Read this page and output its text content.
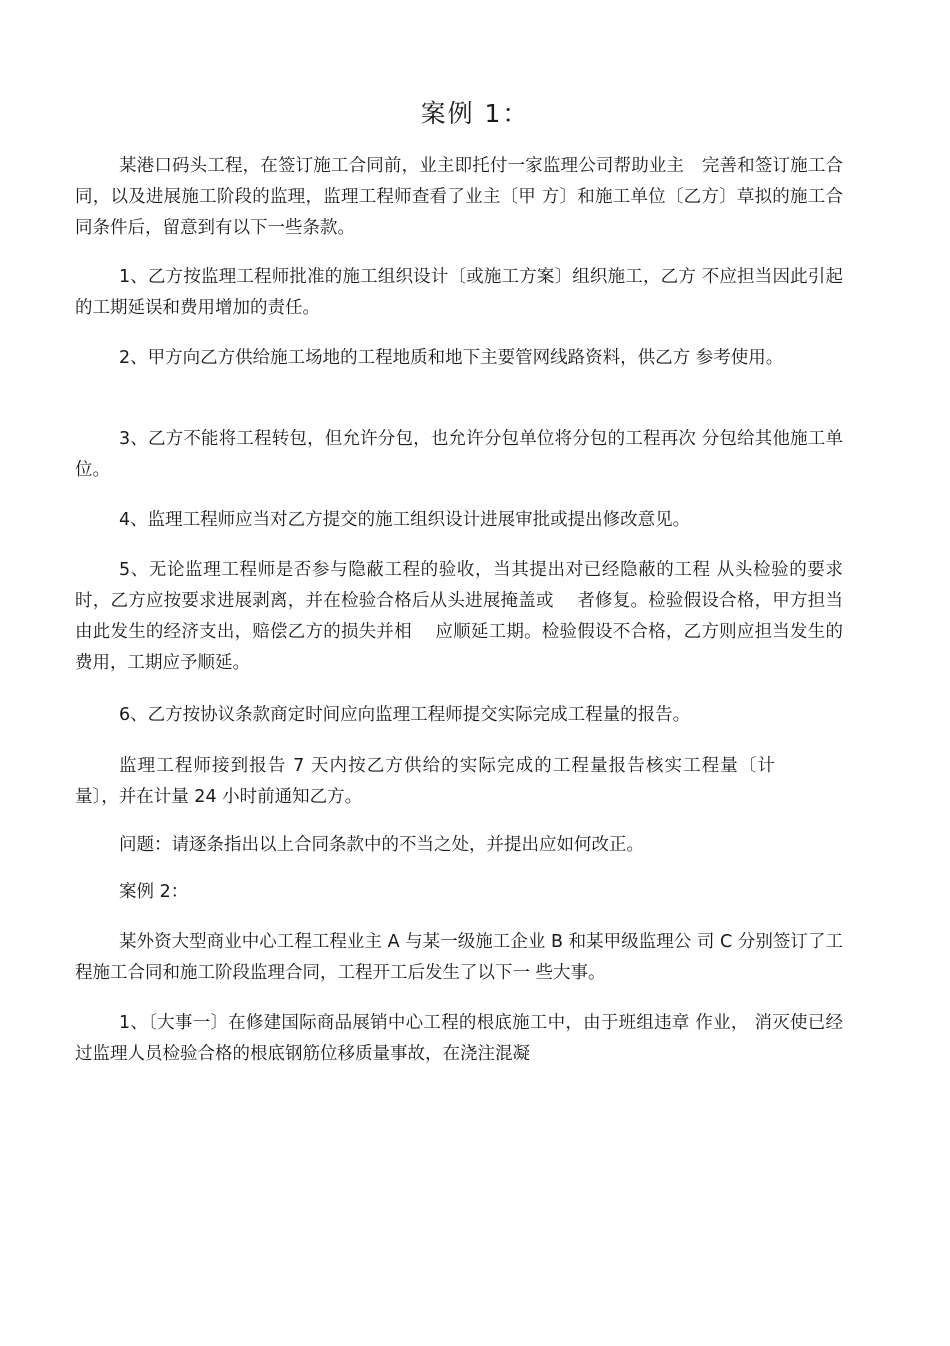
案例 1：

某港口码头工程，在签订施工合同前，业主即托付一家监理公司帮助业主　完善和签订施工合同，以及进展施工阶段的监理，监理工程师查看了业主〔甲 方〕和施工单位〔乙方〕草拟的施工合同条件后，留意到有以下一些条款。

1、乙方按监理工程师批准的施工组织设计〔或施工方案〕组织施工，乙方 不应担当因此引起的工期延误和费用增加的责任。

2、甲方向乙方供给施工场地的工程地质和地下主要管网线路资料，供乙方 参考使用。

3、乙方不能将工程转包，但允许分包，也允许分包单位将分包的工程再次 分包给其他施工单位。

4、监理工程师应当对乙方提交的施工组织设计进展审批或提出修改意见。

5、无论监理工程师是否参与隐蔽工程的验收，当其提出对已经隐蔽的工程 从头检验的要求时，乙方应按要求进展剥离，并在检验合格后从头进展掩盖或　 者修复。检验假设合格，甲方担当由此发生的经济支出，赔偿乙方的损失并相　 应顺延工期。检验假设不合格，乙方则应担当发生的费用，工期应予顺延。

6、乙方按协议条款商定时间应向监理工程师提交实际完成工程量的报告。

监理工程师接到报告 7 天内按乙方供给的实际完成的工程量报告核实工程量〔计量〕，并在计量 24 小时前通知乙方。

问题：请逐条指出以上合同条款中的不当之处，并提出应如何改正。

案例 2：

某外资大型商业中心工程工程业主 A 与某一级施工企业 B 和某甲级监理公 司 C 分别签订了工程施工合同和施工阶段监理合同，工程开工后发生了以下一 些大事。

1、〔大事一〕在修建国际商品展销中心工程的根底施工中，由于班组违章 作业， 消灭使已经过监理人员检验合格的根底钢筋位移质量事故，在浇注混凝
